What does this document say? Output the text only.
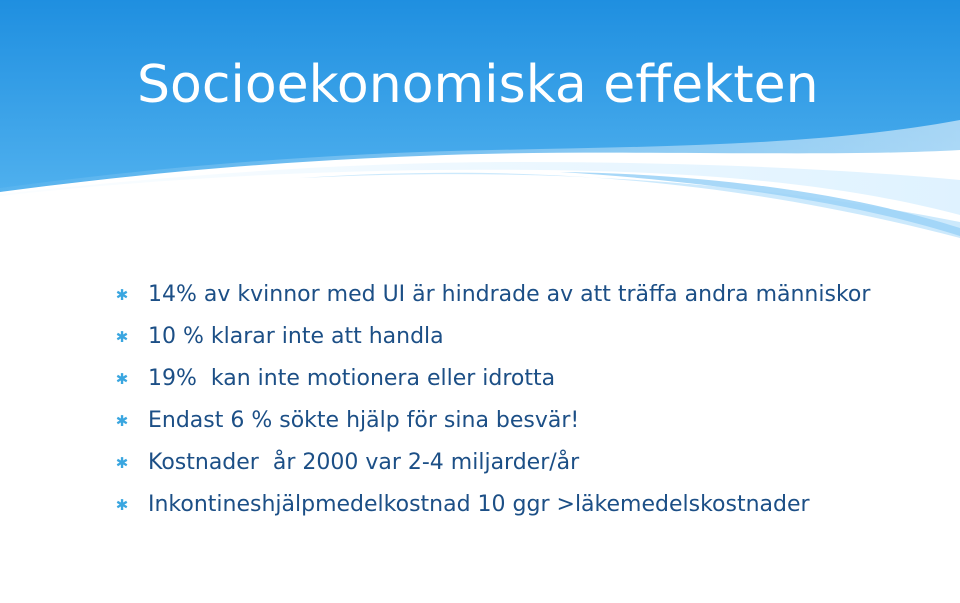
Socioekonomiska effekten
✱ 14% av kvinnor med UI är hindrade av att träffa andra människor
✱ 10 % klarar inte att handla
✱ 19%  kan inte motionera eller idrotta
✱ Endast 6 % sökte hjälp för sina besvär!
✱ Kostnader  år 2000 var 2-4 miljarder/år
✱ Inkontineshjälpmedelkostnad 10 ggr >läkemedelskostnader
